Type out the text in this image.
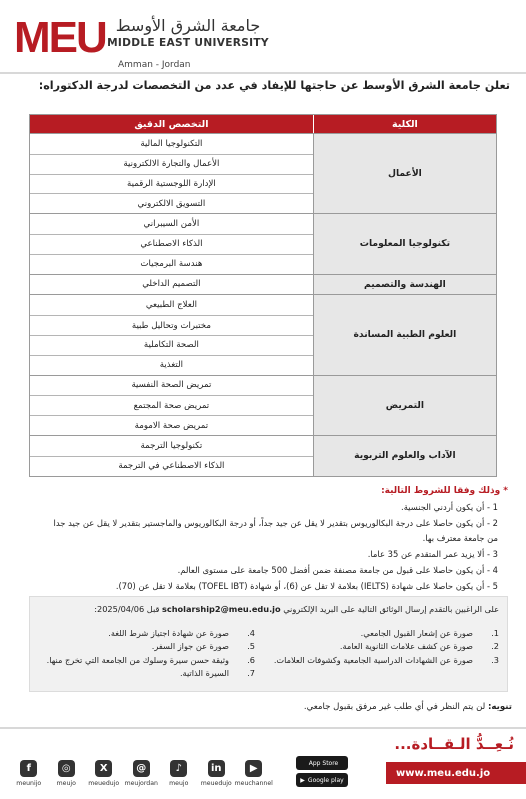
MEU جامعة الشرق الأوسط
MIDDLE EAST UNIVERSITY
Amman - Jordan
تعلن جامعة الشرق الأوسط عن حاجتها للإيفاد في عدد من التخصصات لدرجة الدكتوراه:
التخصص الدقيق	الكلية
التكنولوجيا المالية
الأعمال والتجارة الالكترونية
الإدارة اللوجستية الرقمية
التسويق الالكتروني
الأعمال
الأمن السيبراني
الذكاء الاصطناعي
هندسة البرمجيات
تكنولوجيا المعلومات
التصميم الداخلي	الهندسة والتصميم
العلاج الطبيعي
مختبرات وتحاليل طبية
الصحة التكاملية
التغذية
العلوم الطبية المساندة
تمريض الصحة النفسية
تمريض صحة المجتمع
تمريض صحة الامومة
التمريض
تكنولوجيا الترجمة
الذكاء الاصطناعي في الترجمة
الآداب والعلوم التربوية
* وذلك وفقا للشروط التالية:
1 - أن يكون أردني الجنسية.
2 - أن يكون حاصلا على درجة البكالوريوس بتقدير لا يقل عن جيد جداً، أو درجة البكالوريوس والماجستير بتقدير لا يقل عن جيد جدا
من جامعة معترف بها.
3 - ألا يزيد عمر المتقدم عن 35 عاما.
4 - أن يكون حاصلا على قبول من جامعة مصنفة ضمن أفضل 500 جامعة على مستوى العالم.
5 - أن يكون حاصلا على شهادة (IELTS) بعلامة لا تقل عن (6)، أو شهادة (TOFEL IBT) بعلامة لا تقل عن (70).
على الراغبين بالتقدم إرسال الوثائق التالية على البريد الإلكتروني scholarship2@meu.edu.jo قبل 2025/04/06:
1.
صورة عن إشعار القبول الجامعي.
2.
صورة عن كشف علامات الثانوية العامة.
3.
صورة عن الشهادات الدراسية الجامعية وكشوفات العلامات.
4.
صورة عن شهادة اجتياز شرط اللغة.
5.
صورة عن جواز السفر.
6.
وثيقة حسن سيرة وسلوك من الجامعة التي تخرج منها.
7.
السيرة الذاتية.
تنويه: لن يتم النظر في أي طلب غير مرفق بقبول جامعي.
نُـعِــدُّ الـقــادة...
www.meu.edu.jo
App Store
▶ Google play
f
meunijo
◎
meujo
X
meuedujo
@
meujordan
♪
meujo
in
meuedujo
▶
meuchannel
